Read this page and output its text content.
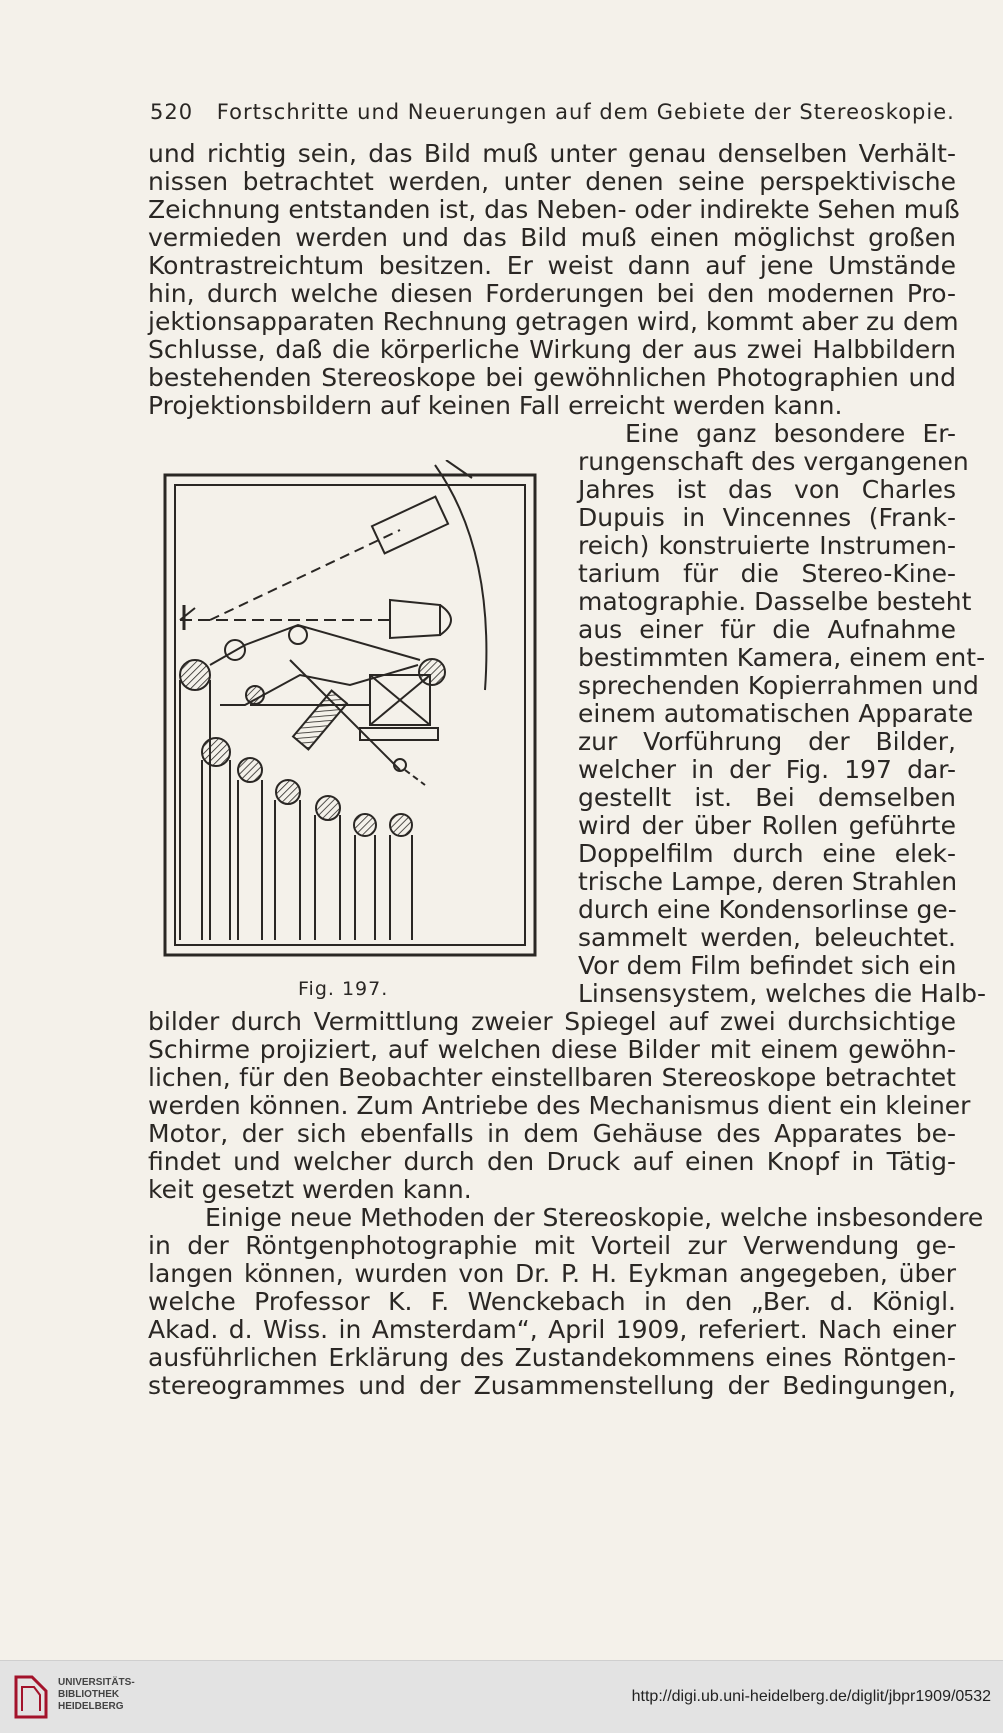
520 Fortschritte und Neuerungen auf dem Gebiete der Stereoskopie.
und richtig sein, das Bild muß unter genau denselben Verhält-
nissen betrachtet werden, unter denen seine perspektivische
Zeichnung entstanden ist, das Neben- oder indirekte Sehen muß
vermieden werden und das Bild muß einen möglichst großen
Kontrastreichtum besitzen. Er weist dann auf jene Umstände
hin, durch welche diesen Forderungen bei den modernen Pro-
jektionsapparaten Rechnung getragen wird, kommt aber zu dem
Schlusse, daß die körperliche Wirkung der aus zwei Halbbildern
bestehenden Stereoskope bei gewöhnlichen Photographien und
Projektionsbildern auf keinen Fall erreicht werden kann.
Eine ganz besondere Er-
rungenschaft des vergangenen
Jahres ist das von Charles
Dupuis in Vincennes (Frank-
reich) konstruierte Instrumen-
tarium für die Stereo-Kine-
matographie. Dasselbe besteht
aus einer für die Aufnahme
bestimmten Kamera, einem ent-
sprechenden Kopierrahmen und
einem automatischen Apparate
zur Vorführung der Bilder,
welcher in der Fig. 197 dar-
gestellt ist. Bei demselben
wird der über Rollen geführte
Doppelfilm durch eine elek-
trische Lampe, deren Strahlen
durch eine Kondensorlinse ge-
sammelt werden, beleuchtet.
Vor dem Film befindet sich ein
Linsensystem, welches die Halb-
bilder durch Vermittlung zweier Spiegel auf zwei durchsichtige
Schirme projiziert, auf welchen diese Bilder mit einem gewöhn-
lichen, für den Beobachter einstellbaren Stereoskope betrachtet
werden können. Zum Antriebe des Mechanismus dient ein kleiner
Motor, der sich ebenfalls in dem Gehäuse des Apparates be-
findet und welcher durch den Druck auf einen Knopf in Tätig-
keit gesetzt werden kann.
Einige neue Methoden der Stereoskopie, welche insbesondere
in der Röntgenphotographie mit Vorteil zur Verwendung ge-
langen können, wurden von Dr. P. H. Eykman angegeben, über
welche Professor K. F. Wenckebach in den „Ber. d. Königl.
Akad. d. Wiss. in Amsterdam“, April 1909, referiert. Nach einer
ausführlichen Erklärung des Zustandekommens eines Röntgen-
stereogrammes und der Zusammenstellung der Bedingungen,
Fig. 197.
UNIVERSITÄTS-
BIBLIOTHEK
HEIDELBERG
http://digi.ub.uni-heidelberg.de/diglit/jbpr1909/0532
